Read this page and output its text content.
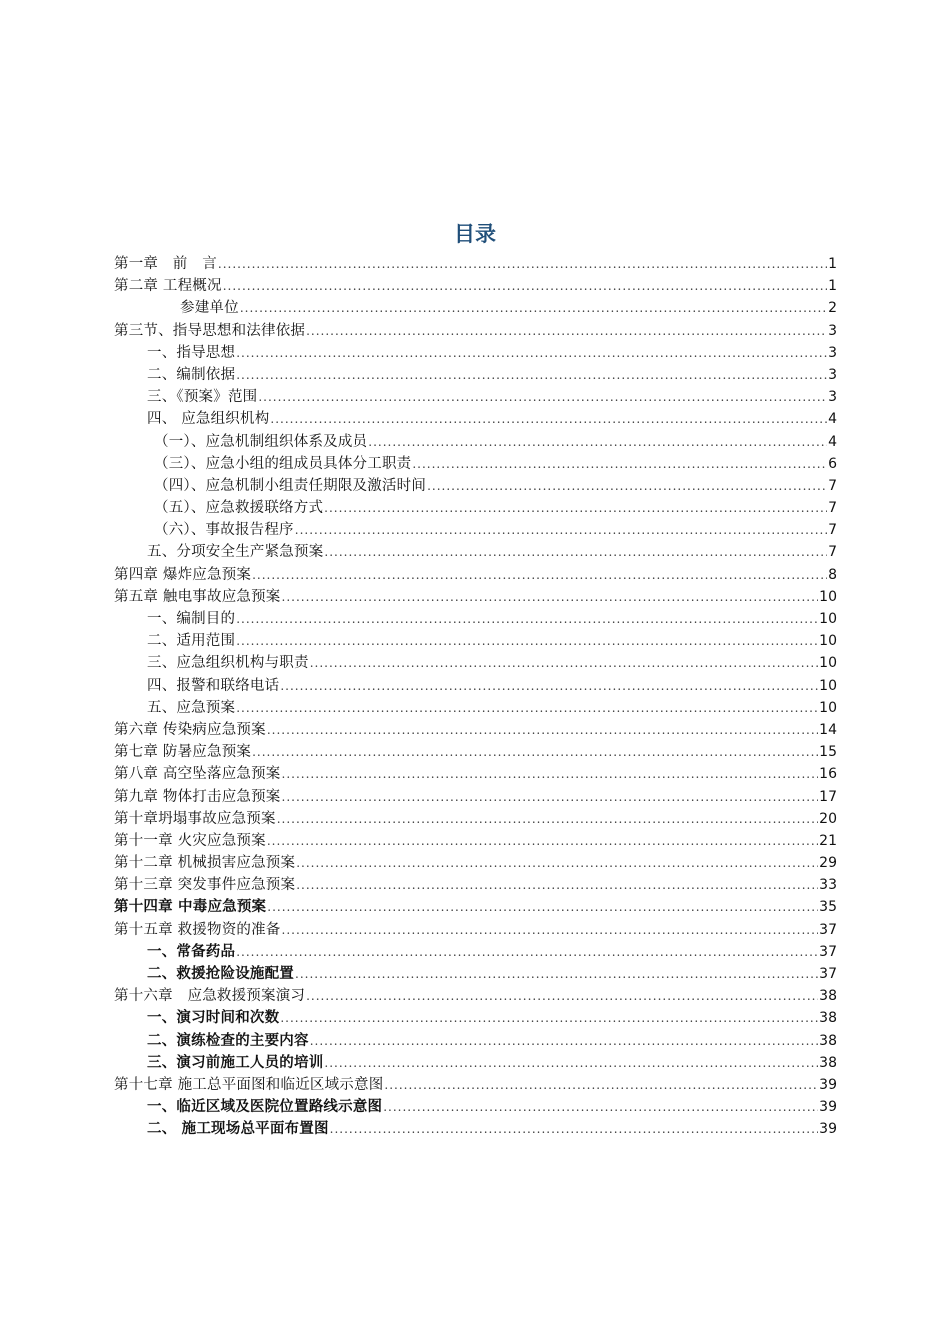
目录
第一章　前　言 .....	1
第二章 工程概况 .....	1
参建单位 .....	2
第三节、指导思想和法律依据 .....	3
一、指导思想 .....	3
二、编制依据 .....	3
三、《预案》范围 .....	3
四、 应急组织机构 .....	4
（一）、应急机制组织体系及成员 .....	4
（三）、应急小组的组成员具体分工职责 .....	6
（四）、应急机制小组责任期限及激活时间 .....	7
（五）、应急救援联络方式 .....	7
（六）、事故报告程序 .....	7
五、分项安全生产紧急预案 .....	7
第四章 爆炸应急预案 .....	8
第五章 触电事故应急预案 .....	10
一、编制目的 .....	10
二、适用范围 .....	10
三、应急组织机构与职责 .....	10
四、报警和联络电话 .....	10
五、应急预案 .....	10
第六章 传染病应急预案 .....	14
第七章 防暑应急预案 .....	15
第八章 高空坠落应急预案 .....	16
第九章 物体打击应急预案 .....	17
第十章坍塌事故应急预案 .....	20
第十一章 火灾应急预案 .....	21
第十二章 机械损害应急预案 .....	29
第十三章 突发事件应急预案 .....	33
第十四章 中毒应急预案 .....	35
第十五章 救援物资的准备 .....	37
一、常备药品 .....	37
二、救援抢险设施配置 .....	37
第十六章　应急救援预案演习 .....	38
一、演习时间和次数 .....	38
二、演练检查的主要内容 .....	38
三、演习前施工人员的培训 .....	38
第十七章 施工总平面图和临近区域示意图 .....	39
一、临近区域及医院位置路线示意图 .....	39
二、 施工现场总平面布置图 .....	39
